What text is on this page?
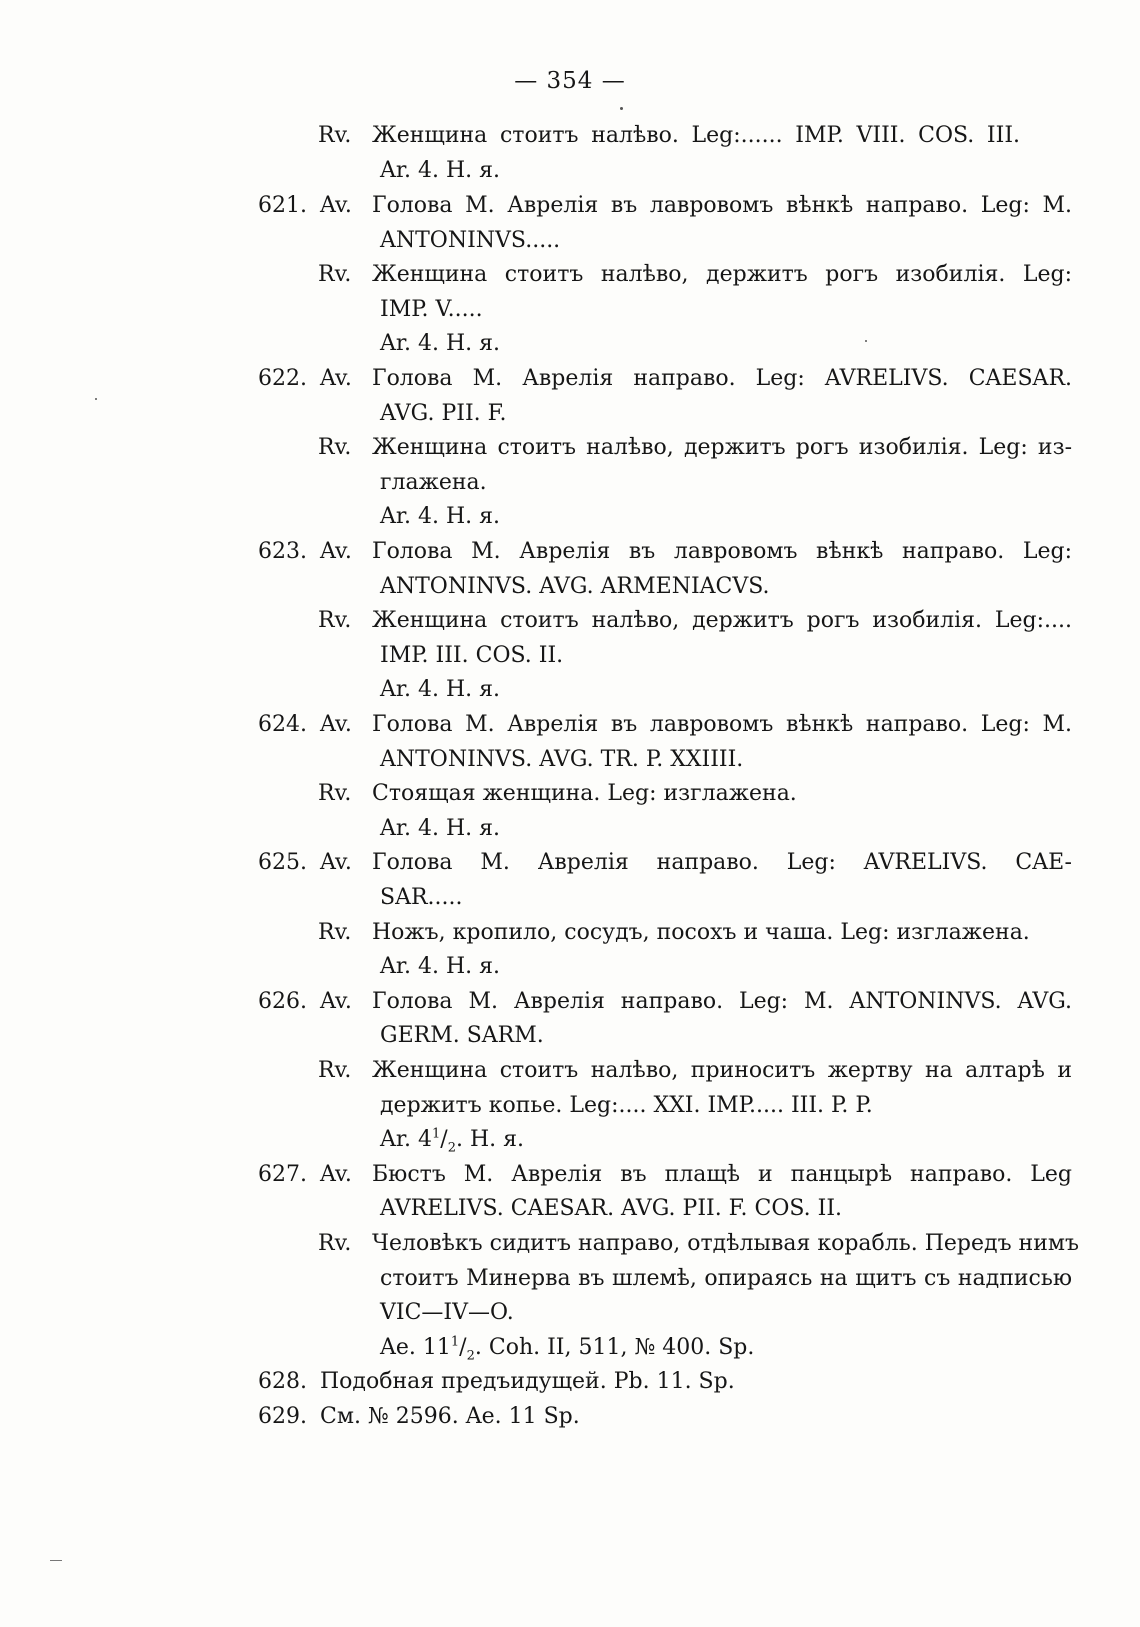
— 354 —
Rv. Женщина стоитъ налѣво. Leg:...... IMP. VIII. COS. III.
Ar. 4. H. я.
621. Av. Голова М. Аврелія въ лавровомъ вѣнкѣ направо. Leg: M.
ANTONINVS.....
Rv. Женщина стоитъ налѣво, держитъ рогъ изобилія. Leg:
IMP. V.....
Ar. 4. H. я.
622. Av. Голова М. Аврелія направо. Leg: AVRELIVS. CAESAR.
AVG. PII. F.
Rv. Женщина стоитъ налѣво, держитъ рогъ изобилія. Leg: из-
глажена.
Ar. 4. H. я.
623. Av. Голова М. Аврелія въ лавровомъ вѣнкѣ направо. Leg:
ANTONINVS. AVG. ARMENIACVS.
Rv. Женщина стоитъ налѣво, держитъ рогъ изобилія. Leg:....
IMP. III. COS. II.
Ar. 4. H. я.
624. Av. Голова М. Аврелія въ лавровомъ вѣнкѣ направо. Leg: M.
ANTONINVS. AVG. TR. P. XXIIII.
Rv. Стоящая женщина. Leg: изглажена.
Ar. 4. H. я.
625. Av. Голова М. Аврелія направо. Leg: AVRELIVS. CAE-
SAR.....
Rv. Ножъ, кропило, сосудъ, посохъ и чаша. Leg: изглажена.
Ar. 4. H. я.
626. Av. Голова М. Аврелія направо. Leg: M. ANTONINVS. AVG.
GERM. SARM.
Rv. Женщина стоитъ налѣво, приноситъ жертву на алтарѣ и
держитъ копье. Leg:.... XXI. IMP..... III. P. P.
Ar. $4^1/_2$. H. я.
627. Av. Бюстъ М. Аврелія въ плащѣ и панцырѣ направо. Leg
AVRELIVS. CAESAR. AVG. PII. F. COS. II.
Rv. Человѣкъ сидитъ направо, отдѣлывая корабль. Передъ нимъ
стоитъ Минерва въ шлемѣ, опираясь на щитъ съ надписью
VIC—IV—O.
Ae. $11^1/_2$. Coh. II, 511, № 400. Sp.
628. Подобная предъидущей. Pb. 11. Sp.
629. См. № 2596. Ae. 11 Sp.
